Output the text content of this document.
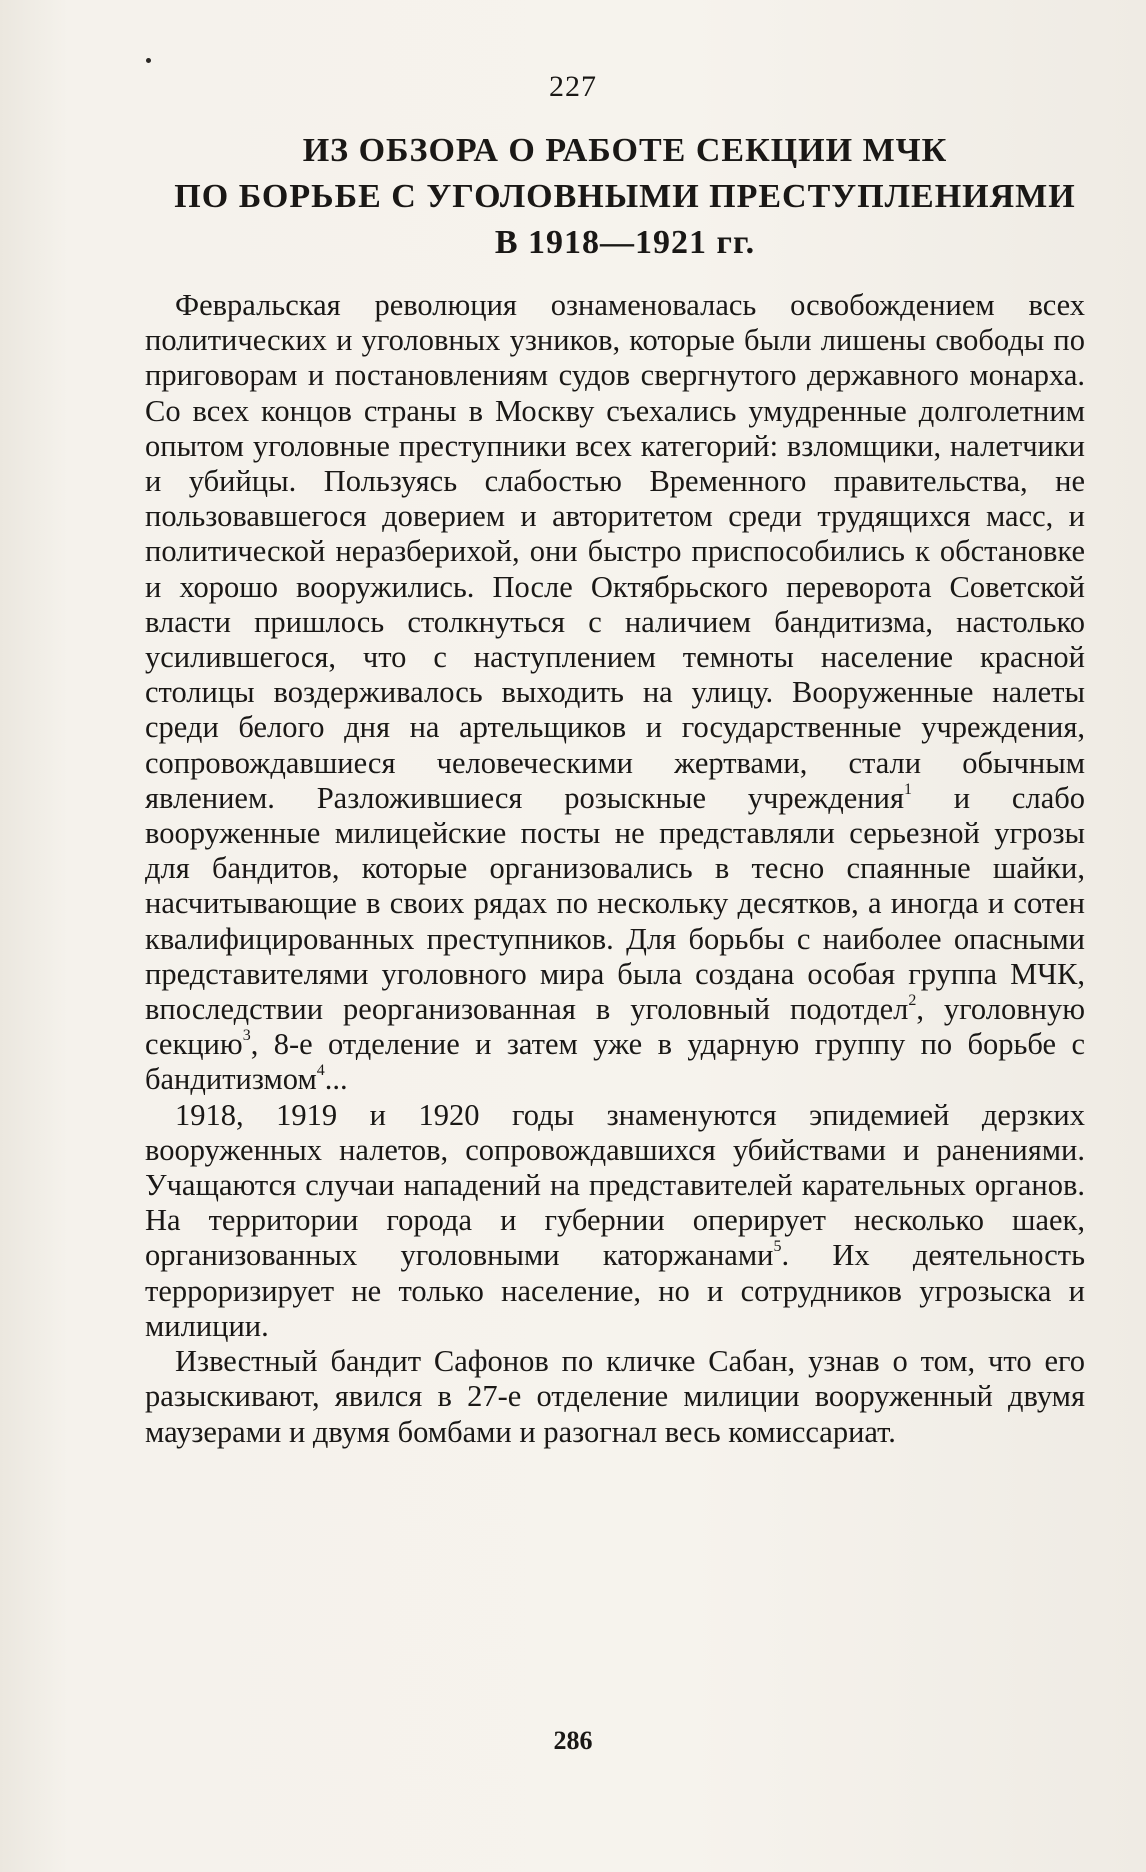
227
ИЗ ОБЗОРА О РАБОТЕ СЕКЦИИ МЧК
ПО БОРЬБЕ С УГОЛОВНЫМИ ПРЕСТУПЛЕНИЯМИ
В 1918—1921 гг.

Февральская революция ознаменовалась освобождением всех политических и уголовных узников, которые были лишены свободы по приговорам и постановлениям судов свергнутого державного монарха. Со всех концов страны в Москву съехались умудренные долголетним опытом уголовные преступники всех категорий: взломщики, налетчики и убийцы. Пользуясь слабостью Временного правительства, не пользовавшегося доверием и авторитетом среди трудящихся масс, и политической неразберихой, они быстро приспособились к обстановке и хорошо вооружились. После Октябрьского переворота Советской власти пришлось столкнуться с наличием бандитизма, настолько усилившегося, что с наступлением темноты население красной столицы воздерживалось выходить на улицу. Вооруженные налеты среди белого дня на артельщиков и государственные учреждения, сопровождавшиеся человеческими жертвами, стали обычным явлением. Разложившиеся розыскные учреждения$^1$ и слабо вооруженные милицейские посты не представляли серьезной угрозы для бандитов, которые организовались в тесно спаянные шайки, насчитывающие в своих рядах по нескольку десятков, а иногда и сотен квалифицированных преступников. Для борьбы с наиболее опасными представителями уголовного мира была создана особая группа МЧК, впоследствии реорганизованная в уголовный подотдел$^2$, уголовную секцию$^3$, 8-е отделение и затем уже в ударную группу по борьбе с бандитизмом$^4$...

1918, 1919 и 1920 годы знаменуются эпидемией дерзких вооруженных налетов, сопровождавшихся убийствами и ранениями. Учащаются случаи нападений на представителей карательных органов. На территории города и губернии оперирует несколько шаек, организованных уголовными каторжанами$^5$. Их деятельность терроризирует не только население, но и сотрудников угрозыска и милиции.

Известный бандит Сафонов по кличке Сабан, узнав о том, что его разыскивают, явился в 27-е отделение милиции вооруженный двумя маузерами и двумя бомбами и разогнал весь комиссариат.

286
